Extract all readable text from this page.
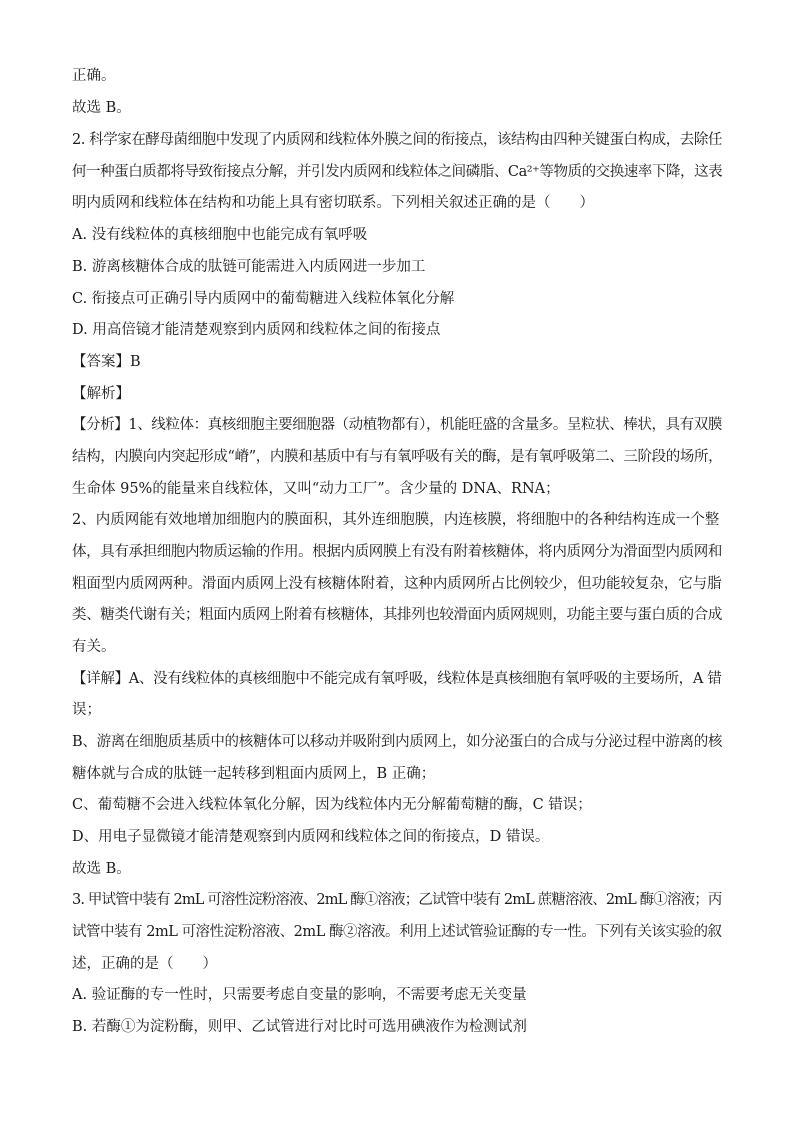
正确。
故选 B。
2. 科学家在酵母菌细胞中发现了内质网和线粒体外膜之间的衔接点，该结构由四种关键蛋白构成，去除任
何一种蛋白质都将导致衔接点分解，并引发内质网和线粒体之间磷脂、Ca²⁺等物质的交换速率下降，这表
明内质网和线粒体在结构和功能上具有密切联系。下列相关叙述正确的是（　　）
A. 没有线粒体的真核细胞中也能完成有氧呼吸
B. 游离核糖体合成的肽链可能需进入内质网进一步加工
C. 衔接点可正确引导内质网中的葡萄糖进入线粒体氧化分解
D. 用高倍镜才能清楚观察到内质网和线粒体之间的衔接点
【答案】B
【解析】
【分析】1、线粒体：真核细胞主要细胞器（动植物都有），机能旺盛的含量多。呈粒状、棒状，具有双膜
结构，内膜向内突起形成“嵴”，内膜和基质中有与有氧呼吸有关的酶，是有氧呼吸第二、三阶段的场所，
生命体 95%的能量来自线粒体，又叫“动力工厂”。含少量的 DNA、RNA；
2、内质网能有效地增加细胞内的膜面积，其外连细胞膜，内连核膜，将细胞中的各种结构连成一个整
体，具有承担细胞内物质运输的作用。根据内质网膜上有没有附着核糖体，将内质网分为滑面型内质网和
粗面型内质网两种。滑面内质网上没有核糖体附着，这种内质网所占比例较少，但功能较复杂，它与脂
类、糖类代谢有关；粗面内质网上附着有核糖体，其排列也较滑面内质网规则，功能主要与蛋白质的合成
有关。
【详解】A、没有线粒体的真核细胞中不能完成有氧呼吸，线粒体是真核细胞有氧呼吸的主要场所，A 错
误；
B、游离在细胞质基质中的核糖体可以移动并吸附到内质网上，如分泌蛋白的合成与分泌过程中游离的核
糖体就与合成的肽链一起转移到粗面内质网上，B 正确；
C、葡萄糖不会进入线粒体氧化分解，因为线粒体内无分解葡萄糖的酶，C 错误；
D、用电子显微镜才能清楚观察到内质网和线粒体之间的衔接点，D 错误。
故选 B。
3. 甲试管中装有 2mL 可溶性淀粉溶液、2mL 酶①溶液；乙试管中装有 2mL 蔗糖溶液、2mL 酶①溶液；丙
试管中装有 2mL 可溶性淀粉溶液、2mL 酶②溶液。利用上述试管验证酶的专一性。下列有关该实验的叙
述，正确的是（　　）
A. 验证酶的专一性时，只需要考虑自变量的影响，不需要考虑无关变量
B. 若酶①为淀粉酶，则甲、乙试管进行对比时可选用碘液作为检测试剂
